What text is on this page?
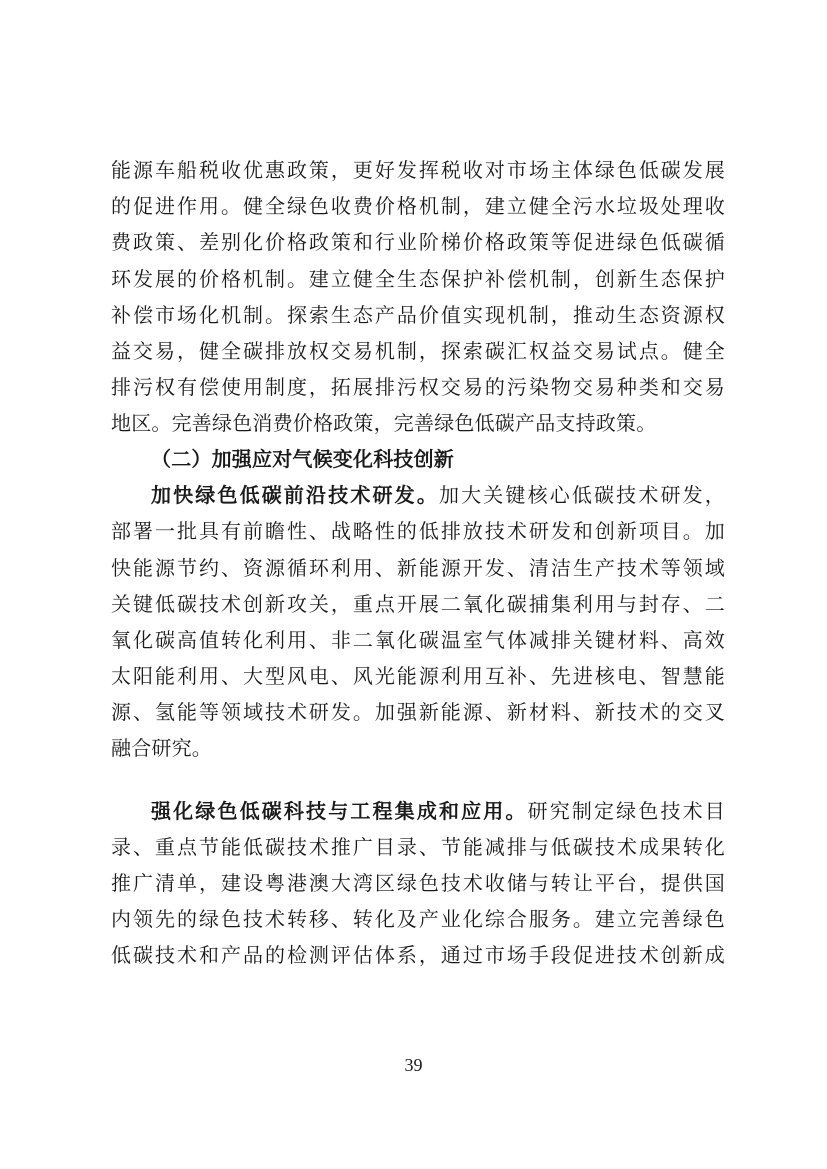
能源车船税收优惠政策，更好发挥税收对市场主体绿色低碳发展
的促进作用。健全绿色收费价格机制，建立健全污水垃圾处理收
费政策、差别化价格政策和行业阶梯价格政策等促进绿色低碳循
环发展的价格机制。建立健全生态保护补偿机制，创新生态保护
补偿市场化机制。探索生态产品价值实现机制，推动生态资源权
益交易，健全碳排放权交易机制，探索碳汇权益交易试点。健全
排污权有偿使用制度，拓展排污权交易的污染物交易种类和交易
地区。完善绿色消费价格政策，完善绿色低碳产品支持政策。
（二）加强应对气候变化科技创新
加快绿色低碳前沿技术研发。加大关键核心低碳技术研发，
部署一批具有前瞻性、战略性的低排放技术研发和创新项目。加
快能源节约、资源循环利用、新能源开发、清洁生产技术等领域
关键低碳技术创新攻关，重点开展二氧化碳捕集利用与封存、二
氧化碳高值转化利用、非二氧化碳温室气体减排关键材料、高效
太阳能利用、大型风电、风光能源利用互补、先进核电、智慧能
源、氢能等领域技术研发。加强新能源、新材料、新技术的交叉
融合研究。
强化绿色低碳科技与工程集成和应用。研究制定绿色技术目
录、重点节能低碳技术推广目录、节能减排与低碳技术成果转化
推广清单，建设粤港澳大湾区绿色技术收储与转让平台，提供国
内领先的绿色技术转移、转化及产业化综合服务。建立完善绿色
低碳技术和产品的检测评估体系，通过市场手段促进技术创新成
39
